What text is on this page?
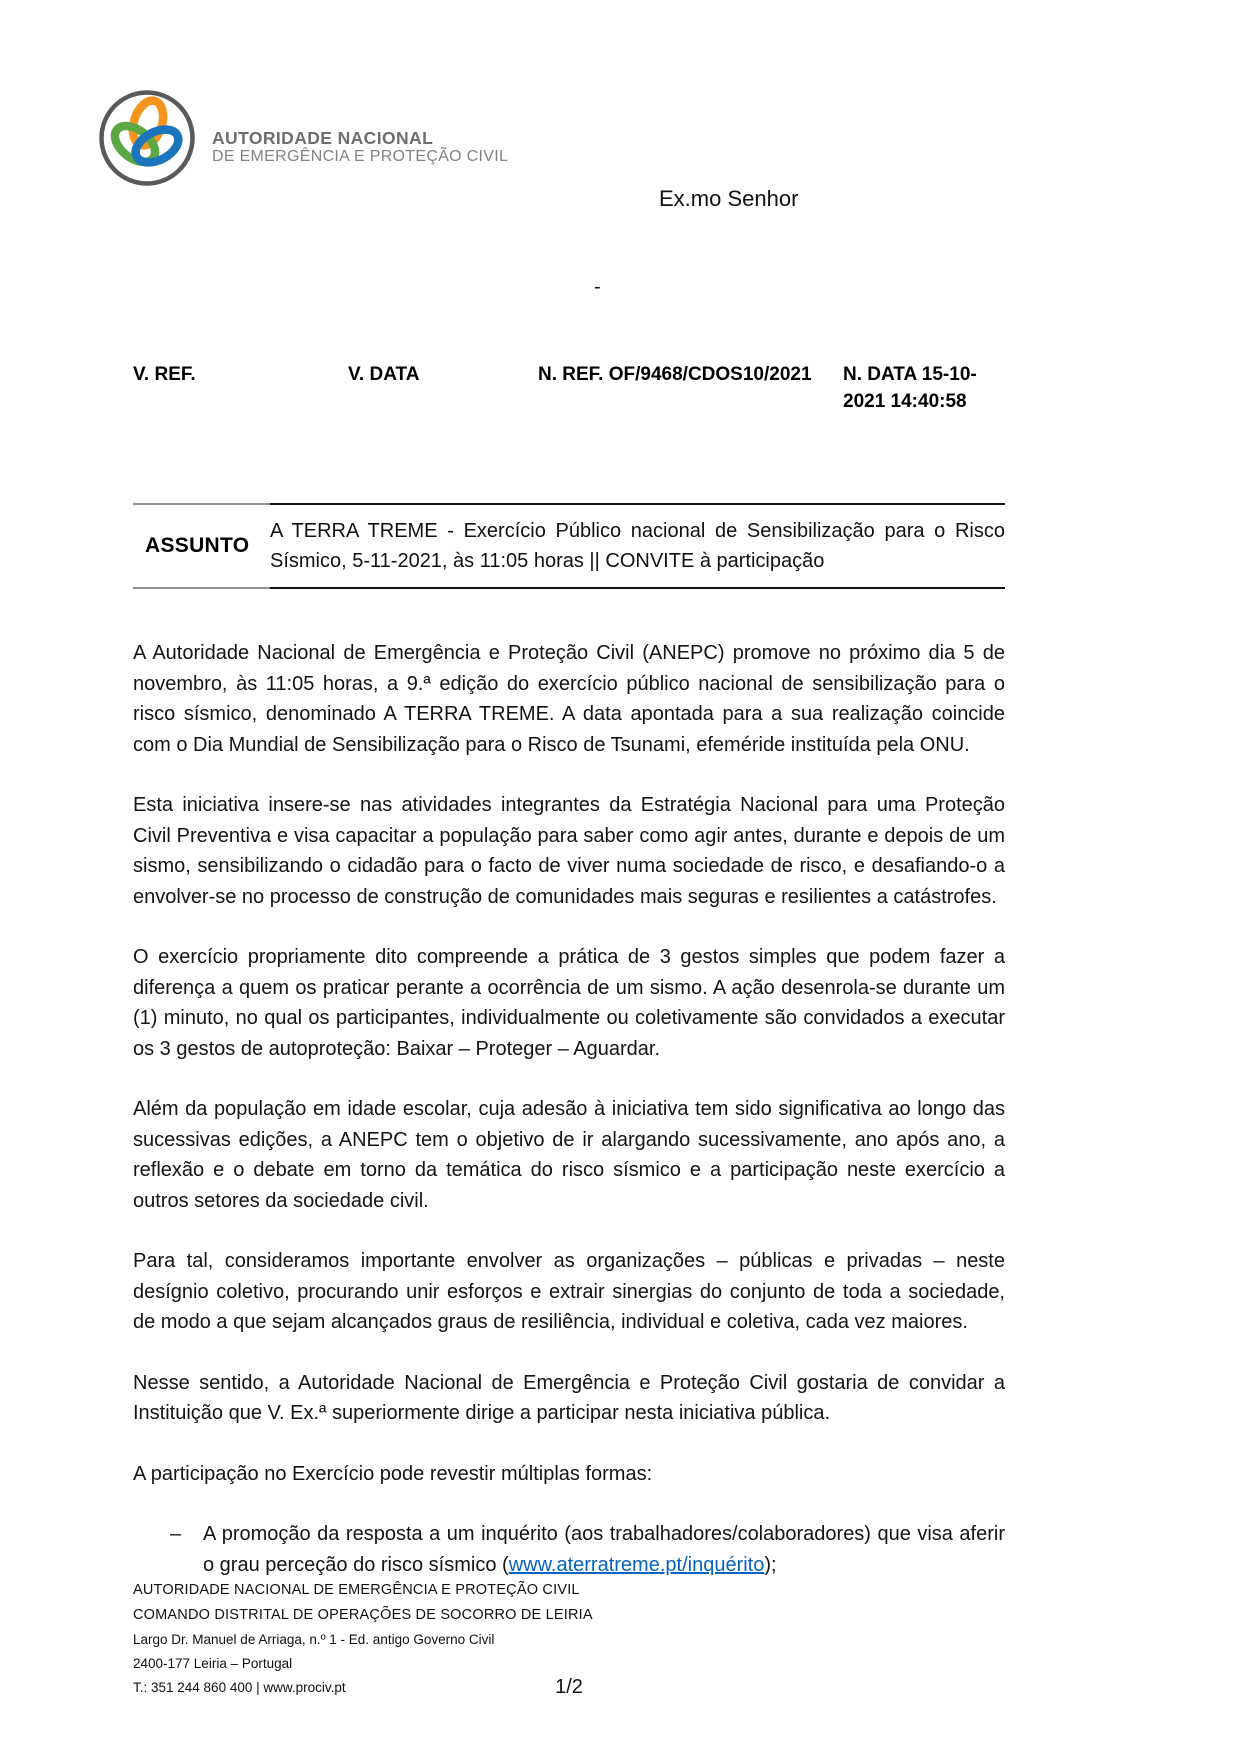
AUTORIDADE NACIONAL
DE EMERGÊNCIA E PROTEÇÃO CIVIL
Ex.mo Senhor
-
V. REF.	V. DATA	N. REF. OF/9468/CDOS10/2021	N. DATA 15-10-2021 14:40:58
ASSUNTO
A TERRA TREME - Exercício Público nacional de Sensibilização para o Risco Sísmico, 5-11-2021, às 11:05 horas || CONVITE à participação

A Autoridade Nacional de Emergência e Proteção Civil (ANEPC) promove no próximo dia 5 de novembro, às 11:05 horas, a 9.ª edição do exercício público nacional de sensibilização para o risco sísmico, denominado A TERRA TREME. A data apontada para a sua realização coincide com o Dia Mundial de Sensibilização para o Risco de Tsunami, efeméride instituída pela ONU.

Esta iniciativa insere-se nas atividades integrantes da Estratégia Nacional para uma Proteção Civil Preventiva e visa capacitar a população para saber como agir antes, durante e depois de um sismo, sensibilizando o cidadão para o facto de viver numa sociedade de risco, e desafiando-o a envolver-se no processo de construção de comunidades mais seguras e resilientes a catástrofes.

O exercício propriamente dito compreende a prática de 3 gestos simples que podem fazer a diferença a quem os praticar perante a ocorrência de um sismo. A ação desenrola-se durante um (1) minuto, no qual os participantes, individualmente ou coletivamente são convidados a executar os 3 gestos de autoproteção: Baixar – Proteger – Aguardar.

Além da população em idade escolar, cuja adesão à iniciativa tem sido significativa ao longo das sucessivas edições, a ANEPC tem o objetivo de ir alargando sucessivamente, ano após ano, a reflexão e o debate em torno da temática do risco sísmico e a participação neste exercício a outros setores da sociedade civil.

Para tal, consideramos importante envolver as organizações – públicas e privadas – neste desígnio coletivo, procurando unir esforços e extrair sinergias do conjunto de toda a sociedade, de modo a que sejam alcançados graus de resiliência, individual e coletiva, cada vez maiores.

Nesse sentido, a Autoridade Nacional de Emergência e Proteção Civil gostaria de convidar a Instituição que V. Ex.ª superiormente dirige a participar nesta iniciativa pública.

A participação no Exercício pode revestir múltiplas formas:

–	A promoção da resposta a um inquérito (aos trabalhadores/colaboradores) que visa aferir o grau perceção do risco sísmico (www.aterratreme.pt/inquérito);
AUTORIDADE NACIONAL DE EMERGÊNCIA E PROTEÇÃO CIVIL
COMANDO DISTRITAL DE OPERAÇÕES DE SOCORRO DE LEIRIA
Largo Dr. Manuel de Arriaga, n.º 1 - Ed. antigo Governo Civil
2400-177 Leiria – Portugal
T.: 351 244 860 400 | www.prociv.pt	1/2
